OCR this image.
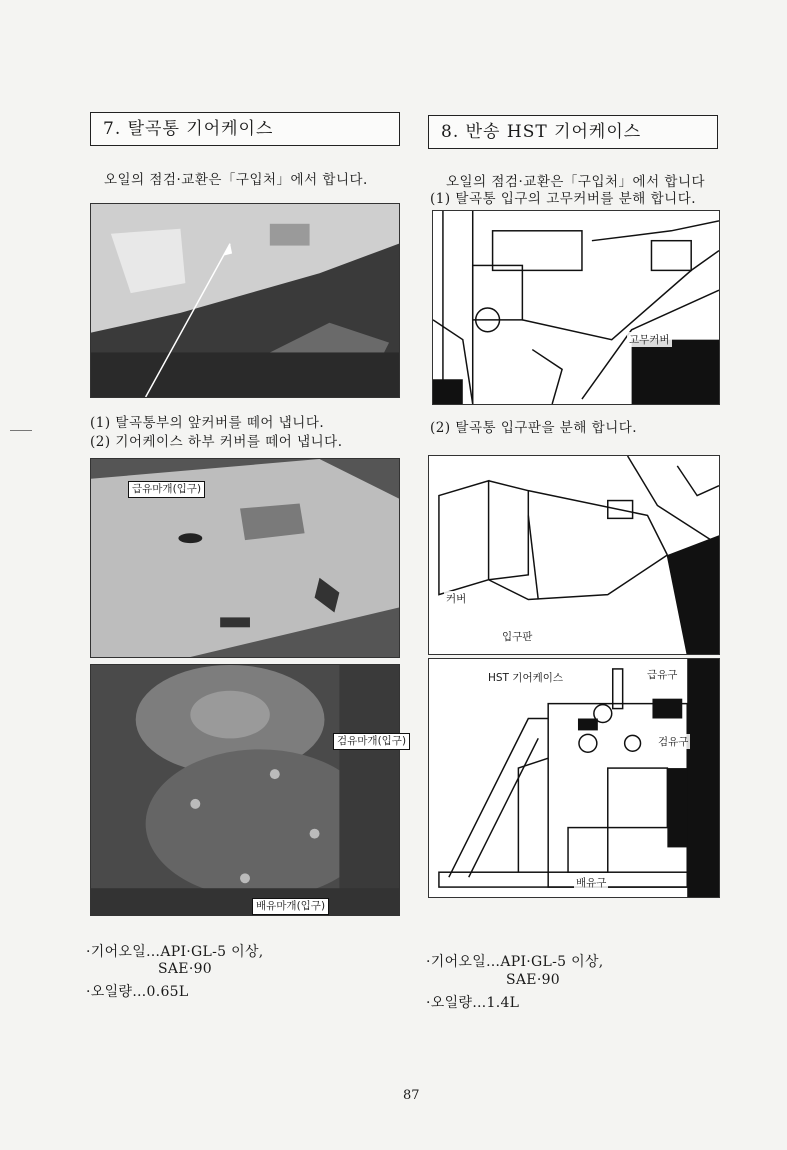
7. 탈곡통 기어케이스
오일의 점검·교환은「구입처」에서 합니다.
(1) 탈곡통부의 앞커버를 떼어 냅니다.
(2) 기어케이스 하부 커버를 떼어 냅니다.
급유마개(입구)
검유마개(입구)
배유마개(입구)
·기어오일…API·GL-5 이상,
SAE·90
·오일량…0.65L
8. 반송 HST 기어케이스
오일의 점검·교환은「구입처」에서 합니다
(1) 탈곡통 입구의 고무커버를 분해 합니다.
고무커버
(2) 탈곡통 입구판을 분해 합니다.
커버
입구판
HST 기어케이스	급유구
검유구
배유구
·기어오일…API·GL-5 이상,
SAE·90
·오일량…1.4L
87
